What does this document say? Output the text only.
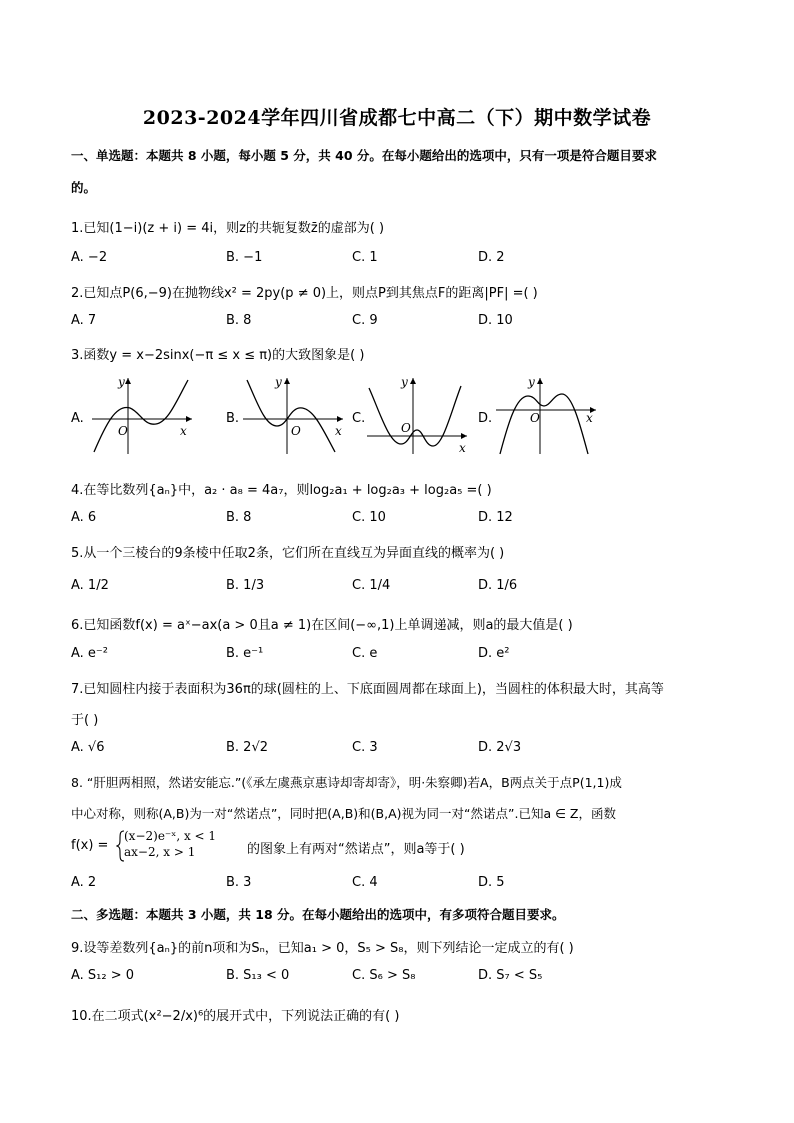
2023-2024学年四川省成都七中高二（下）期中数学试卷
一、单选题：本题共 8 小题，每小题 5 分，共 40 分。在每小题给出的选项中，只有一项是符合题目要求
的。
1.已知(1−i)(z + i) = 4i，则z的共轭复数z̄的虚部为( )
A. −2	B. −1	C. 1	D. 2
2.已知点P(6,−9)在抛物线x² = 2py(p ≠ 0)上，则点P到其焦点F的距离|PF| =( )
A. 7	B. 8	C. 9	D. 10
3.函数y = x−2sinx(−π ≤ x ≤ π)的大致图象是( )
A.
y
O	x
B.
y
O	x
C.
y
O
x
D.
y
O	x
4.在等比数列{aₙ}中，a₂ · a₈ = 4a₇，则log₂a₁ + log₂a₃ + log₂a₅ =( )
A. 6	B. 8	C. 10	D. 12
5.从一个三棱台的9条棱中任取2条，它们所在直线互为异面直线的概率为( )
A. 1/2	B. 1/3	C. 1/4	D. 1/6
6.已知函数f(x) = aˣ−ax(a > 0且a ≠ 1)在区间(−∞,1)上单调递减，则a的最大值是( )
A. e⁻²	B. e⁻¹	C. e	D. e²
7.已知圆柱内接于表面积为36π的球(圆柱的上、下底面圆周都在球面上)，当圆柱的体积最大时，其高等
于( )
A. √6	B. 2√2	C. 3	D. 2√3
8. “肝胆两相照，然诺安能忘.”(《承左虞燕京惠诗却寄却寄》，明·朱察卿)若A，B两点关于点P(1,1)成
中心对称，则称(A,B)为一对“然诺点”，同时把(A,B)和(B,A)视为同一对“然诺点”.已知a ∈ Z，函数
f(x) =
(x−2)e⁻ˣ, x < 1
ax−2, x > 1	的图象上有两对“然诺点”，则a等于( )
A. 2	B. 3	C. 4	D. 5
二、多选题：本题共 3 小题，共 18 分。在每小题给出的选项中，有多项符合题目要求。
9.设等差数列{aₙ}的前n项和为Sₙ，已知a₁ > 0，S₅ > S₈，则下列结论一定成立的有( )
A. S₁₂ > 0	B. S₁₃ < 0	C. S₆ > S₈	D. S₇ < S₅
10.在二项式(x²−2/x)⁶的展开式中，下列说法正确的有( )
